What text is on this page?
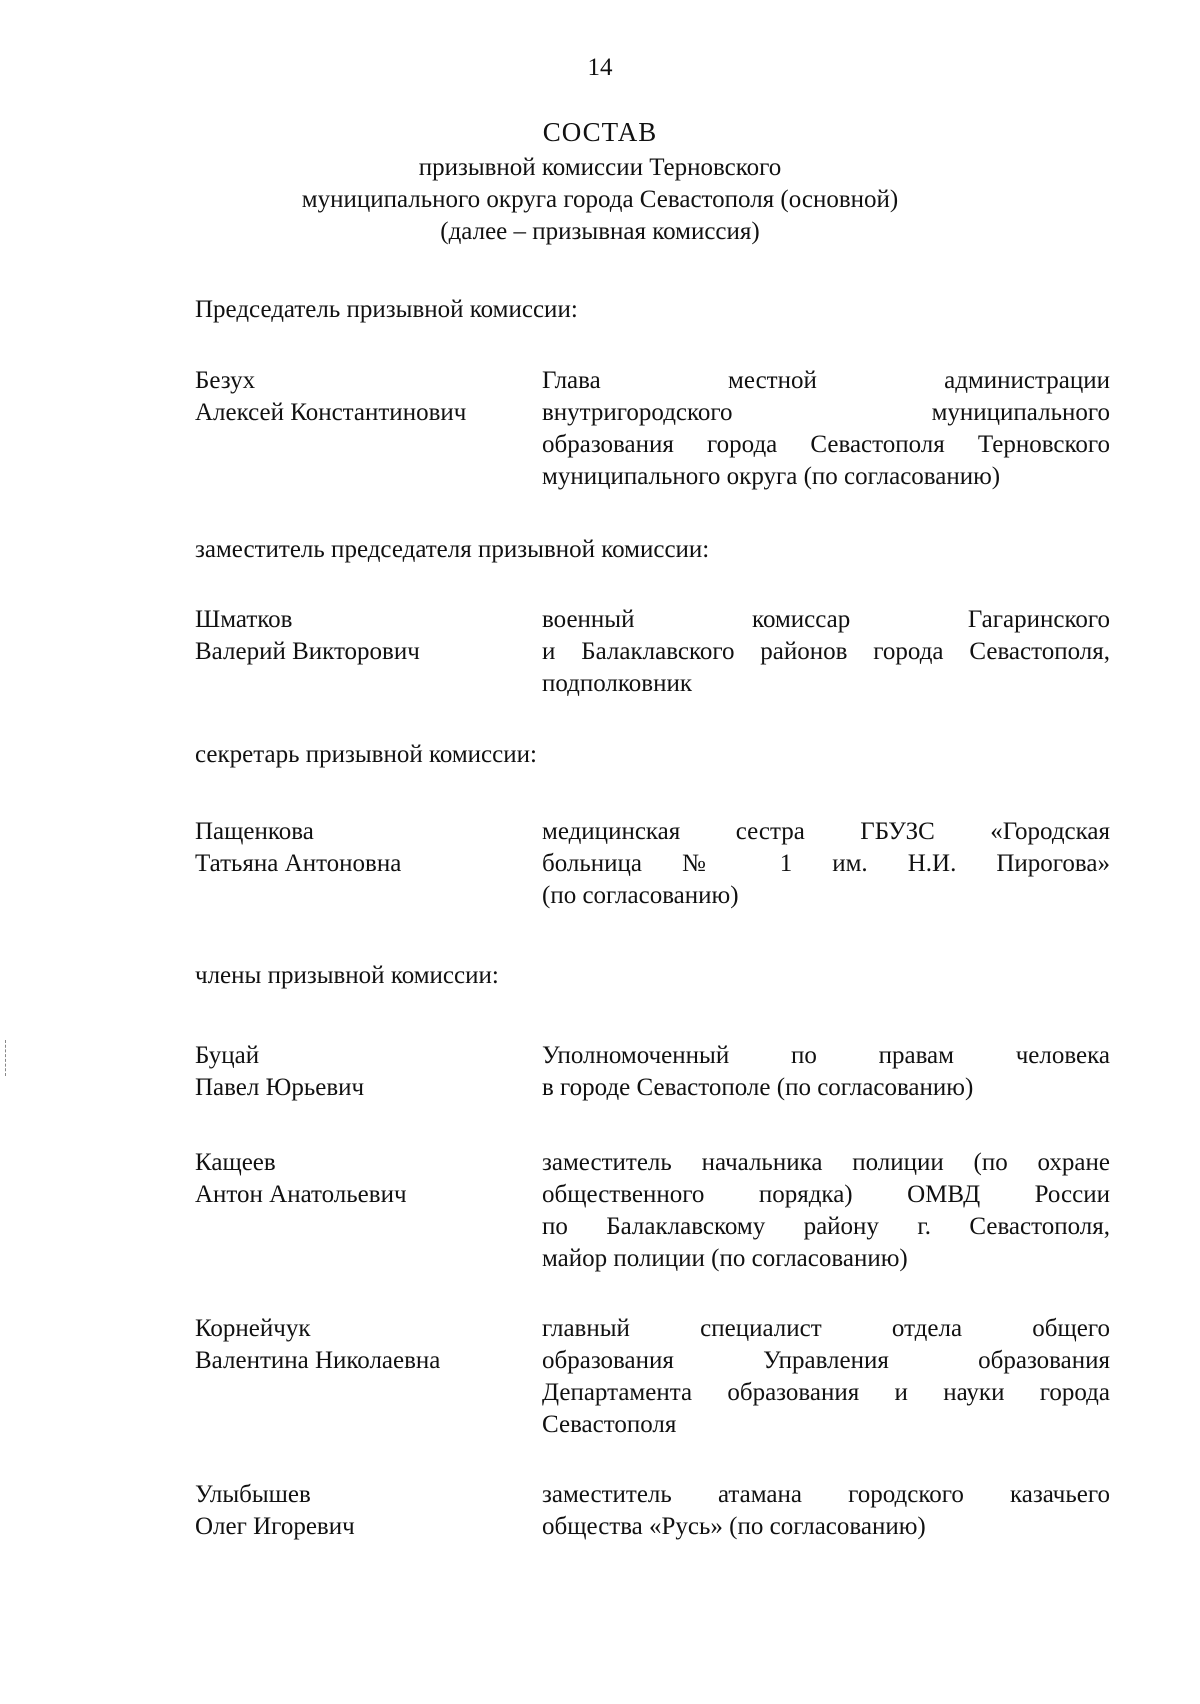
14
СОСТАВ
призывной комиссии Терновского
муниципального округа города Севастополя (основной)
(далее – призывная комиссия)
Председатель призывной комиссии:
Безух
Алексей Константинович
Глава местной администрации
внутригородского муниципального
образования города Севастополя Терновского
муниципального округа (по согласованию)
заместитель председателя призывной комиссии:
Шматков
Валерий Викторович
военный комиссар Гагаринского
и Балаклавского районов города Севастополя,
подполковник
секретарь призывной комиссии:
Пащенкова
Татьяна Антоновна
медицинская сестра ГБУЗС «Городская
больница № 1 им. Н.И. Пирогова»
(по согласованию)
члены призывной комиссии:
Буцай
Павел Юрьевич
Уполномоченный по правам человека
в городе Севастополе (по согласованию)
Кащеев
Антон Анатольевич
заместитель начальника полиции (по охране
общественного порядка) ОМВД России
по Балаклавскому району г. Севастополя,
майор полиции (по согласованию)
Корнейчук
Валентина Николаевна
главный специалист отдела общего
образования Управления образования
Департамента образования и науки города
Севастополя
Улыбышев
Олег Игоревич
заместитель атамана городского казачьего
общества «Русь» (по согласованию)
